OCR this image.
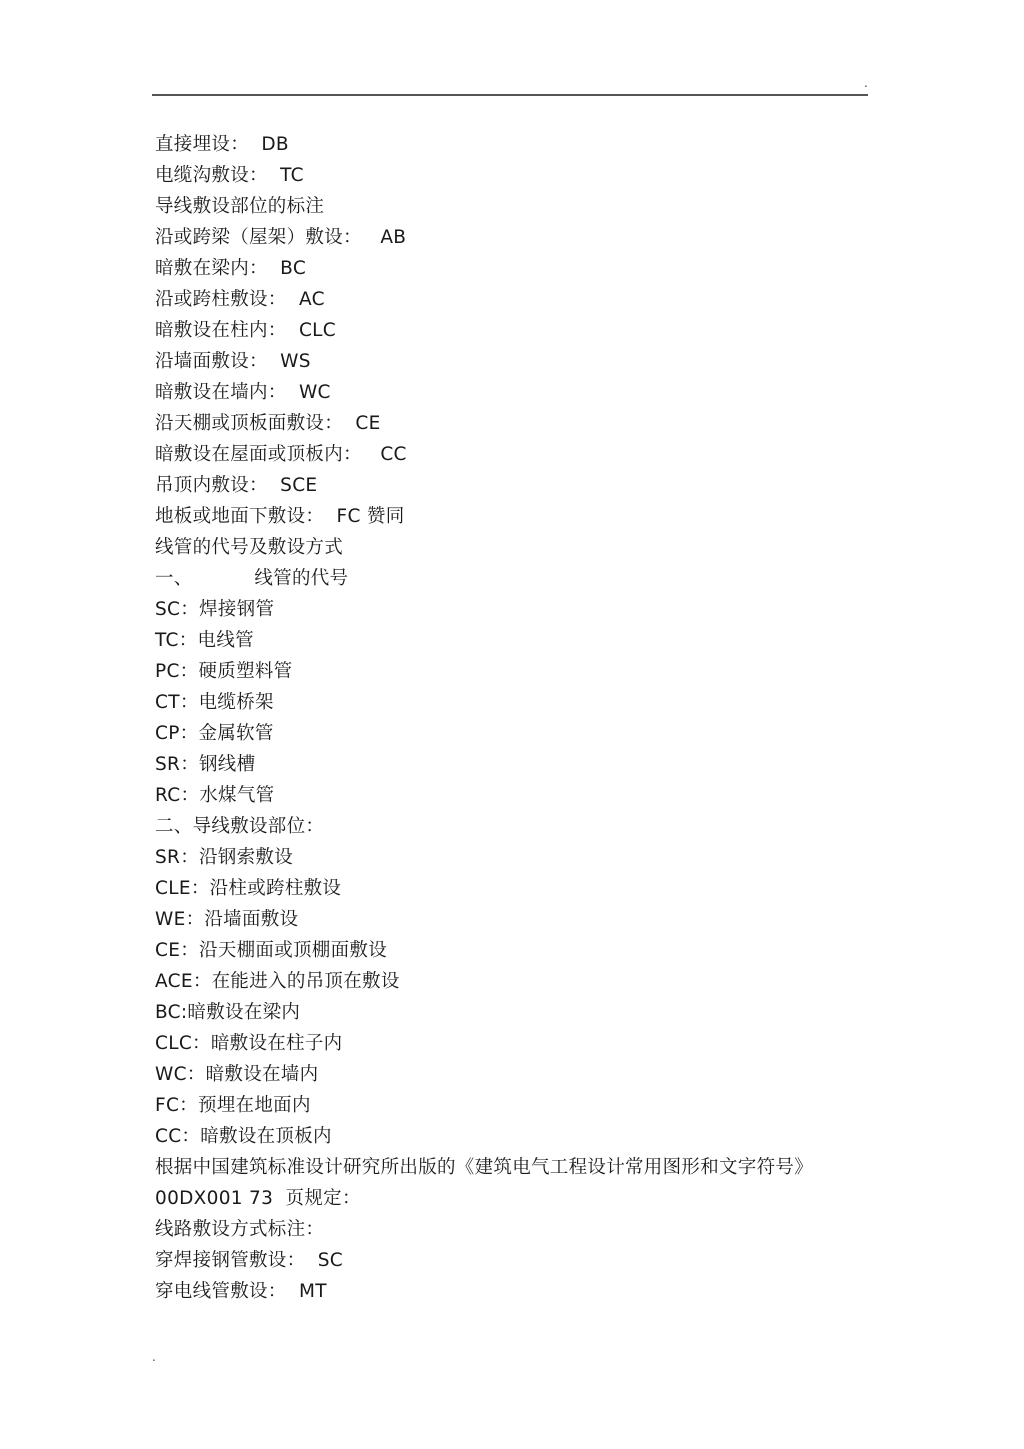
.
直接埋设：  DB
电缆沟敷设：  TC
导线敷设部位的标注
沿或跨梁（屋架）敷设：   AB
暗敷在梁内：  BC
沿或跨柱敷设：  AC
暗敷设在柱内：  CLC
沿墙面敷设：  WS
暗敷设在墙内：  WC
沿天棚或顶板面敷设：  CE
暗敷设在屋面或顶板内：   CC
吊顶内敷设：  SCE
地板或地面下敷设：  FC 赞同
线管的代号及敷设方式
一、          线管的代号
SC：焊接钢管
TC：电线管
PC：硬质塑料管
CT：电缆桥架
CP：金属软管
SR：钢线槽
RC：水煤气管
二、导线敷设部位：
SR：沿钢索敷设
CLE：沿柱或跨柱敷设
WE：沿墙面敷设
CE：沿天棚面或顶棚面敷设
ACE：在能进入的吊顶在敷设
BC:暗敷设在梁内
CLC：暗敷设在柱子内
WC：暗敷设在墙内
FC：预埋在地面内
CC：暗敷设在顶板内
根据中国建筑标准设计研究所出版的《建筑电气工程设计常用图形和文字符号》
00DX001 73  页规定：
线路敷设方式标注：
穿焊接钢管敷设：  SC
穿电线管敷设：  MT
.
